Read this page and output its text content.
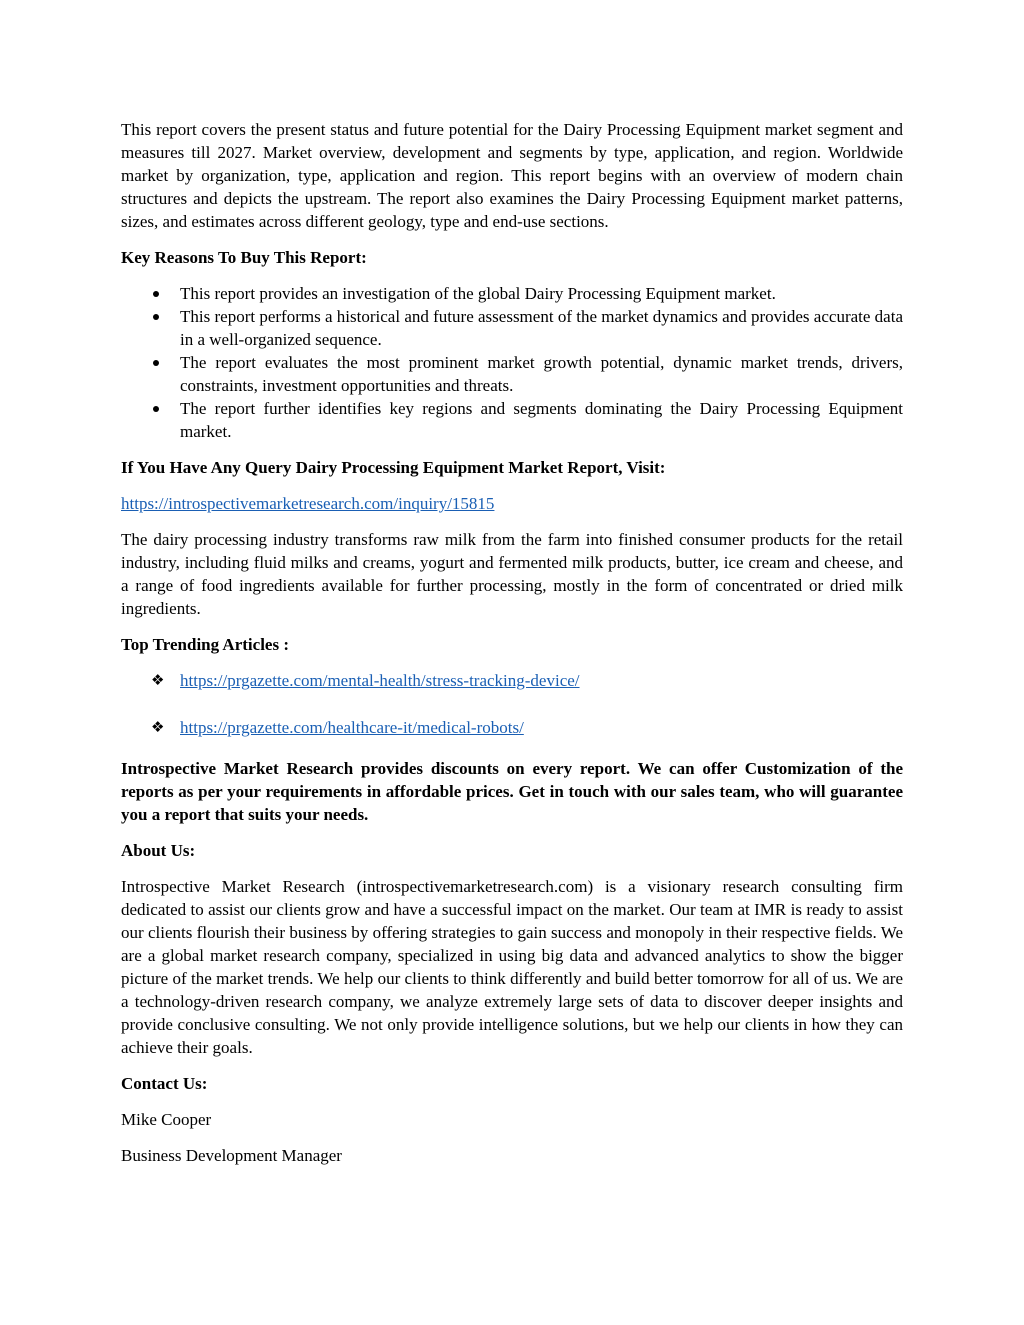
This report covers the present status and future potential for the Dairy Processing Equipment market segment and measures till 2027. Market overview, development and segments by type, application, and region. Worldwide market by organization, type, application and region. This report begins with an overview of modern chain structures and depicts the upstream. The report also examines the Dairy Processing Equipment market patterns, sizes, and estimates across different geology, type and end-use sections.

Key Reasons To Buy This Report:

This report provides an investigation of the global Dairy Processing Equipment market.
This report performs a historical and future assessment of the market dynamics and provides accurate data in a well-organized sequence.
The report evaluates the most prominent market growth potential, dynamic market trends, drivers, constraints, investment opportunities and threats.
The report further identifies key regions and segments dominating the Dairy Processing Equipment market.

If You Have Any Query Dairy Processing Equipment Market Report, Visit:

https://introspectivemarketresearch.com/inquiry/15815

The dairy processing industry transforms raw milk from the farm into finished consumer products for the retail industry, including fluid milks and creams, yogurt and fermented milk products, butter, ice cream and cheese, and a range of food ingredients available for further processing, mostly in the form of concentrated or dried milk ingredients.

Top Trending Articles :

❖ https://prgazette.com/mental-health/stress-tracking-device/
❖ https://prgazette.com/healthcare-it/medical-robots/

Introspective Market Research provides discounts on every report. We can offer Customization of the reports as per your requirements in affordable prices. Get in touch with our sales team, who will guarantee you a report that suits your needs.

About Us:

Introspective Market Research (introspectivemarketresearch.com) is a visionary research consulting firm dedicated to assist our clients grow and have a successful impact on the market. Our team at IMR is ready to assist our clients flourish their business by offering strategies to gain success and monopoly in their respective fields. We are a global market research company, specialized in using big data and advanced analytics to show the bigger picture of the market trends. We help our clients to think differently and build better tomorrow for all of us. We are a technology-driven research company, we analyze extremely large sets of data to discover deeper insights and provide conclusive consulting. We not only provide intelligence solutions, but we help our clients in how they can achieve their goals.

Contact Us:

Mike Cooper

Business Development Manager
